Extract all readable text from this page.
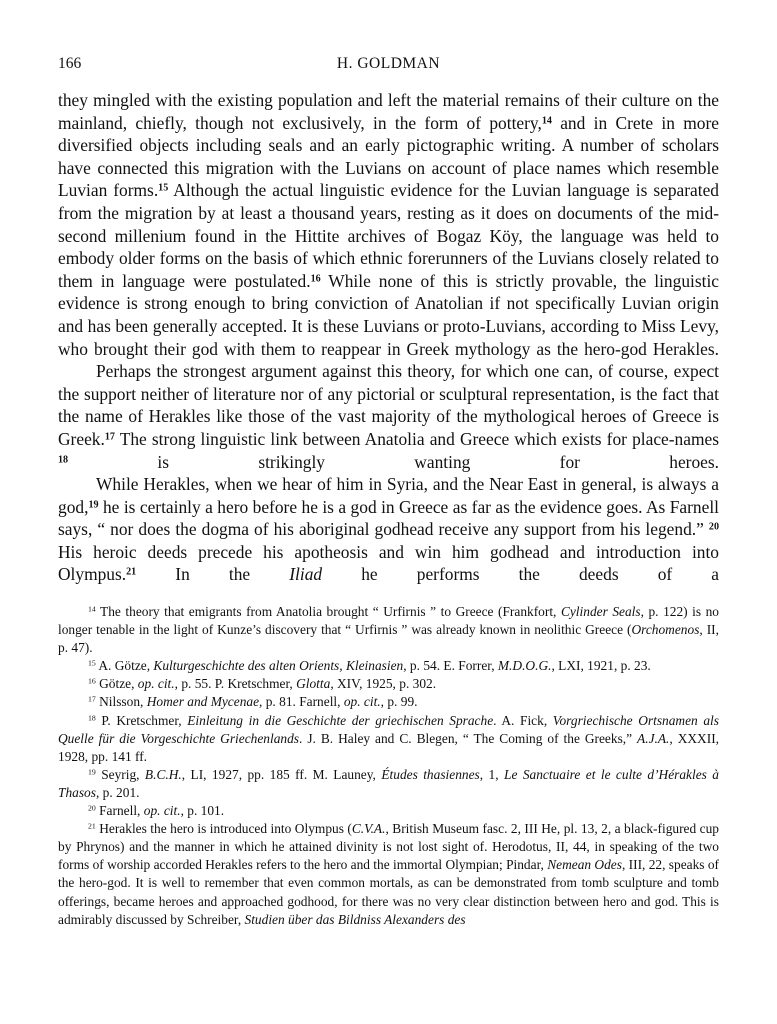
166	H. GOLDMAN

they mingled with the existing population and left the material remains of their culture on the mainland, chiefly, though not exclusively, in the form of pottery,$^{14}$ and in Crete in more diversified objects including seals and an early pictographic writing. A number of scholars have connected this migration with the Luvians on account of place names which resemble Luvian forms.$^{15}$ Although the actual linguistic evidence for the Luvian language is separated from the migration by at least a thousand years, resting as it does on documents of the mid-second millenium found in the Hittite archives of Bogaz Köy, the language was held to embody older forms on the basis of which ethnic forerunners of the Luvians closely related to them in language were postulated.$^{16}$ While none of this is strictly provable, the linguistic evidence is strong enough to bring conviction of Anatolian if not specifically Luvian origin and has been generally accepted. It is these Luvians or proto-Luvians, according to Miss Levy, who brought their god with them to reappear in Greek mythology as the hero-god Herakles.

Perhaps the strongest argument against this theory, for which one can, of course, expect the support neither of literature nor of any pictorial or sculptural representation, is the fact that the name of Herakles like those of the vast majority of the mythological heroes of Greece is Greek.$^{17}$ The strong linguistic link between Anatolia and Greece which exists for place-names $^{18}$ is strikingly wanting for heroes.

While Herakles, when we hear of him in Syria, and the Near East in general, is always a god,$^{19}$ he is certainly a hero before he is a god in Greece as far as the evidence goes. As Farnell says, “ nor does the dogma of his aboriginal godhead receive any support from his legend.” $^{20}$ His heroic deeds precede his apotheosis and win him godhead and introduction into Olympus.$^{21}$ In the Iliad he performs the deeds of a

$^{14}$ The theory that emigrants from Anatolia brought “ Urfirnis ” to Greece (Frankfort, Cylinder Seals, p. 122) is no longer tenable in the light of Kunze’s discovery that “ Urfirnis ” was already known in neolithic Greece (Orchomenos, II, p. 47).

$^{15}$ A. Götze, Kulturgeschichte des alten Orients, Kleinasien, p. 54. E. Forrer, M.D.O.G., LXI, 1921, p. 23.

$^{16}$ Götze, op. cit., p. 55. P. Kretschmer, Glotta, XIV, 1925, p. 302.

$^{17}$ Nilsson, Homer and Mycenae, p. 81. Farnell, op. cit., p. 99.

$^{18}$ P. Kretschmer, Einleitung in die Geschichte der griechischen Sprache. A. Fick, Vorgriechische Ortsnamen als Quelle für die Vorgeschichte Griechenlands. J. B. Haley and C. Blegen, “ The Coming of the Greeks,” A.J.A., XXXII, 1928, pp. 141 ff.

$^{19}$ Seyrig, B.C.H., LI, 1927, pp. 185 ff. M. Launey, Études thasiennes, 1, Le Sanctuaire et le culte d’Hérakles à Thasos, p. 201.

$^{20}$ Farnell, op. cit., p. 101.

$^{21}$ Herakles the hero is introduced into Olympus (C.V.A., British Museum fasc. 2, III He, pl. 13, 2, a black-figured cup by Phrynos) and the manner in which he attained divinity is not lost sight of. Herodotus, II, 44, in speaking of the two forms of worship accorded Herakles refers to the hero and the immortal Olympian; Pindar, Nemean Odes, III, 22, speaks of the hero-god. It is well to remember that even common mortals, as can be demonstrated from tomb sculpture and tomb offerings, became heroes and approached godhood, for there was no very clear distinction between hero and god. This is admirably discussed by Schreiber, Studien über das Bildniss Alexanders des
